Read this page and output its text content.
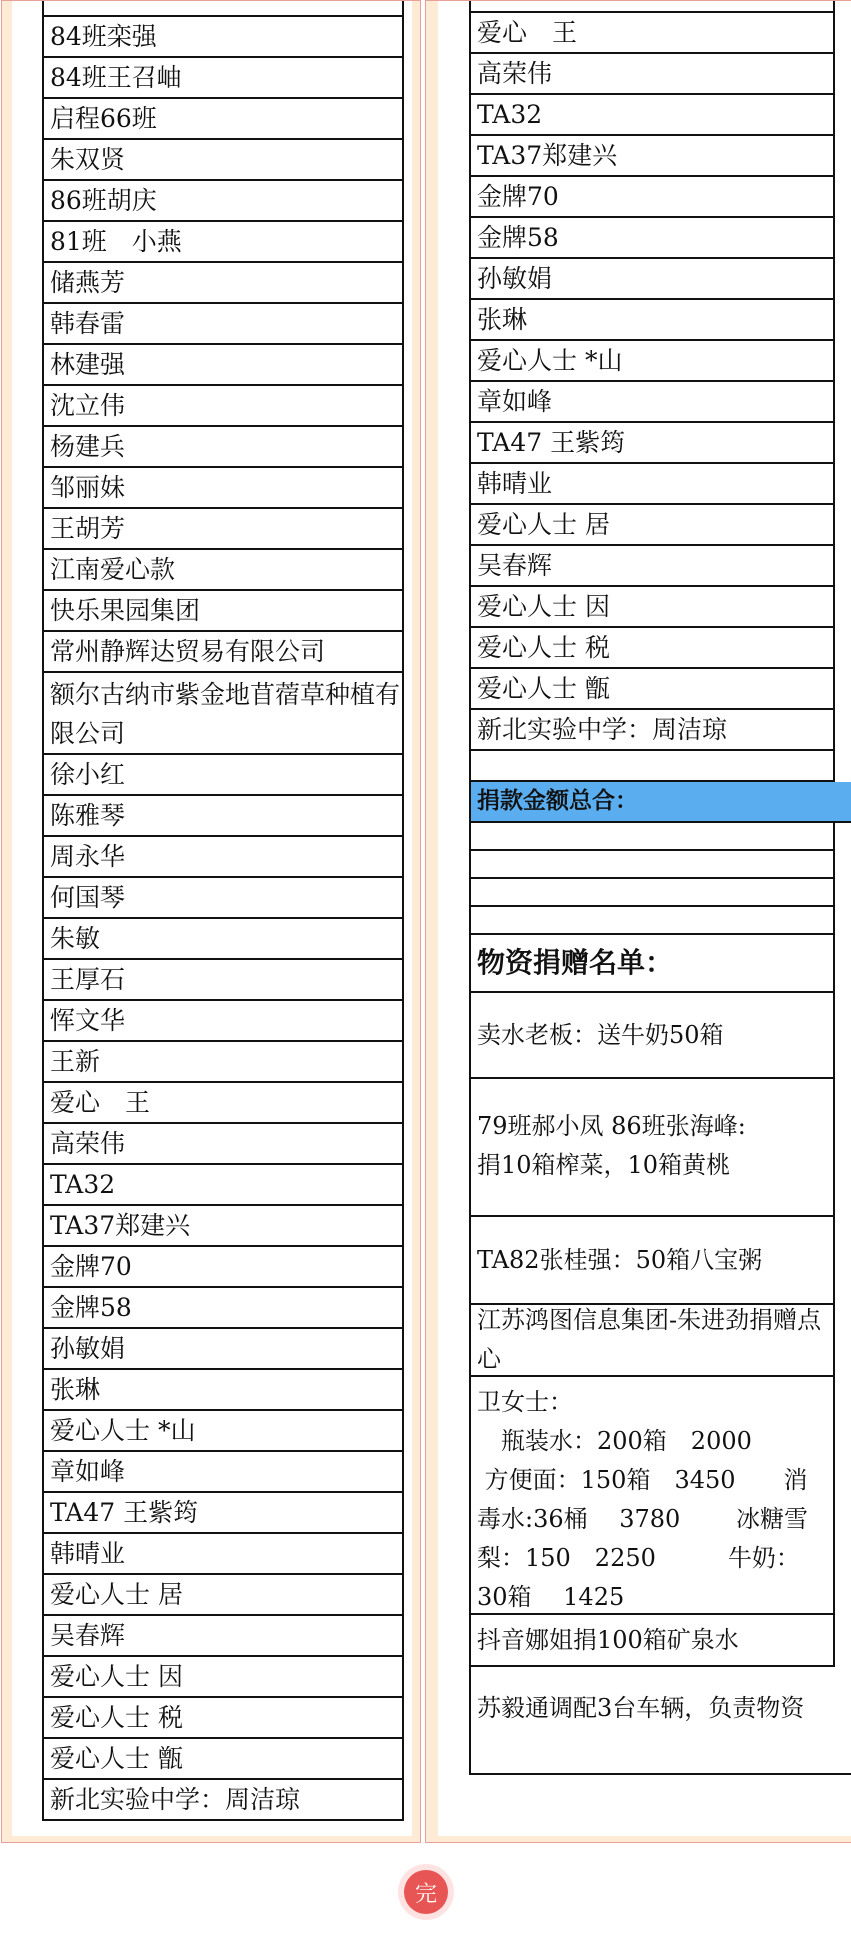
84班栾强
84班王召岫
启程66班
朱双贤
86班胡庆
81班　小燕
储燕芳
韩春雷
林建强
沈立伟
杨建兵
邹丽妹
王胡芳
江南爱心款
快乐果园集团
常州静辉达贸易有限公司
额尔古纳市紫金地苜蓿草种植有限公司
徐小红
陈雅琴
周永华
何国琴
朱敏
王厚石
恽文华
王新
爱心　王
高荣伟
TA32
TA37郑建兴
金牌70
金牌58
孙敏娟
张琳
爱心人士 *山
章如峰
TA47 王紫筠
韩晴业
爱心人士 居
吴春辉
爱心人士 因
爱心人士 税
爱心人士 甑
新北实验中学：周洁琼
爱心　王
高荣伟
TA32
TA37郑建兴
金牌70
金牌58
孙敏娟
张琳
爱心人士 *山
章如峰
TA47 王紫筠
韩晴业
爱心人士 居
吴春辉
爱心人士 因
爱心人士 税
爱心人士 甑
新北实验中学：周洁琼
捐款金额总合：
物资捐赠名单：
卖水老板：送牛奶50箱
79班郝小凤 86班张海峰:
捐10箱榨菜，10箱黄桃
TA82张桂强：50箱八宝粥
江苏鸿图信息集团-朱进劲捐赠点心
卫女士：
　瓶装水：200箱　2000
方便面：150箱　3450　　消毒水:36桶　 3780　　 冰糖雪梨：150　2250　　　牛奶：30箱　 1425
抖音娜姐捐100箱矿泉水
苏毅通调配3台车辆，负责物资
完
